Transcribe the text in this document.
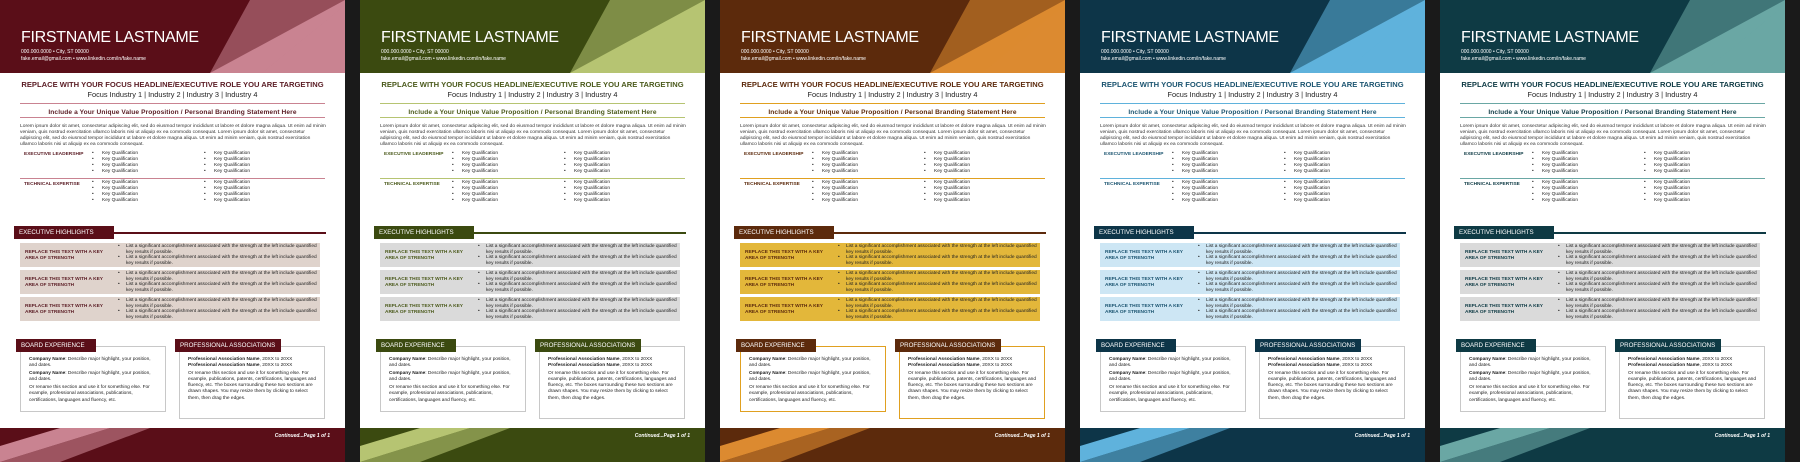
FIRSTNAME LASTNAME
000.000.0000 • City, ST 00000
fake.email@gmail.com • www.linkedin.com/in/fake.name
REPLACE WITH YOUR FOCUS HEADLINE/EXECUTIVE ROLE YOU ARE TARGETING
Focus Industry 1 | Industry 2 | Industry 3 | Industry 4
Include a Your Unique Value Proposition / Personal Branding Statement Here
Lorem ipsum dolor sit amet, consectetur adipiscing elit, sed do eiusmod tempor incididunt ut labore et dolore magna aliqua. Ut enim ad minim veniam, quis nostrud exercitation ullamco laboris nisi ut aliquip ex ea commodo consequat. Lorem ipsum dolor sit amet, consectetur adipiscing elit, sed do eiusmod tempor incididunt ut labore et dolore magna aliqua. Ut enim ad minim veniam, quis nostrud exercitation ullamco laboris nisi ut aliquip ex ea commodo consequat.
EXECUTIVE LEADERSHIP	• Key Qualification
• Key Qualification
• Key Qualification
• Key Qualification
• Key Qualification
• Key Qualification
• Key Qualification
• Key Qualification
TECHNICAL EXPERTISE	• Key Qualification
• Key Qualification
• Key Qualification
• Key Qualification
• Key Qualification
• Key Qualification
• Key Qualification
• Key Qualification
EXECUTIVE HIGHLIGHTS
REPLACE THIS TEXT WITH A KEY AREA OF STRENGTH
• List a significant accomplishment associated with the strength at the left include quantified key results if possible.
• List a significant accomplishment associated with the strength at the left include quantified key results if possible.
REPLACE THIS TEXT WITH A KEY AREA OF STRENGTH
• List a significant accomplishment associated with the strength at the left include quantified key results if possible.
• List a significant accomplishment associated with the strength at the left include quantified key results if possible.
REPLACE THIS TEXT WITH A KEY AREA OF STRENGTH
• List a significant accomplishment associated with the strength at the left include quantified key results if possible.
• List a significant accomplishment associated with the strength at the left include quantified key results if possible.
Company Name: Describe major highlight, your position, and dates.
Company Name: Describe major highlight, your position, and dates.
Or rename this section and use it for something else. For example, professional associations, publications, certifications, languages and fluency, etc.
BOARD EXPERIENCE
Professional Association Name, 20XX to 20XX
Professional Association Name, 20XX to 20XX
Or rename this section and use it for something else. For example, publications, patents, certifications, languages and fluency, etc. The boxes surrounding these two sections are drawn shapes. You may resize them by clicking to select them, then drag the edges.
PROFESSIONAL ASSOCIATIONS
Continued...Page 1 of 1
FIRSTNAME LASTNAME
000.000.0000 • City, ST 00000
fake.email@gmail.com • www.linkedin.com/in/fake.name
REPLACE WITH YOUR FOCUS HEADLINE/EXECUTIVE ROLE YOU ARE TARGETING
Focus Industry 1 | Industry 2 | Industry 3 | Industry 4
Include a Your Unique Value Proposition / Personal Branding Statement Here
Lorem ipsum dolor sit amet, consectetur adipiscing elit, sed do eiusmod tempor incididunt ut labore et dolore magna aliqua. Ut enim ad minim veniam, quis nostrud exercitation ullamco laboris nisi ut aliquip ex ea commodo consequat. Lorem ipsum dolor sit amet, consectetur adipiscing elit, sed do eiusmod tempor incididunt ut labore et dolore magna aliqua. Ut enim ad minim veniam, quis nostrud exercitation ullamco laboris nisi ut aliquip ex ea commodo consequat.
EXECUTIVE LEADERSHIP	• Key Qualification
• Key Qualification
• Key Qualification
• Key Qualification
• Key Qualification
• Key Qualification
• Key Qualification
• Key Qualification
TECHNICAL EXPERTISE	• Key Qualification
• Key Qualification
• Key Qualification
• Key Qualification
• Key Qualification
• Key Qualification
• Key Qualification
• Key Qualification
EXECUTIVE HIGHLIGHTS
REPLACE THIS TEXT WITH A KEY AREA OF STRENGTH
• List a significant accomplishment associated with the strength at the left include quantified key results if possible.
• List a significant accomplishment associated with the strength at the left include quantified key results if possible.
REPLACE THIS TEXT WITH A KEY AREA OF STRENGTH
• List a significant accomplishment associated with the strength at the left include quantified key results if possible.
• List a significant accomplishment associated with the strength at the left include quantified key results if possible.
REPLACE THIS TEXT WITH A KEY AREA OF STRENGTH
• List a significant accomplishment associated with the strength at the left include quantified key results if possible.
• List a significant accomplishment associated with the strength at the left include quantified key results if possible.
Company Name: Describe major highlight, your position, and dates.
Company Name: Describe major highlight, your position, and dates.
Or rename this section and use it for something else. For example, professional associations, publications, certifications, languages and fluency, etc.
BOARD EXPERIENCE
Professional Association Name, 20XX to 20XX
Professional Association Name, 20XX to 20XX
Or rename this section and use it for something else. For example, publications, patents, certifications, languages and fluency, etc. The boxes surrounding these two sections are drawn shapes. You may resize them by clicking to select them, then drag the edges.
PROFESSIONAL ASSOCIATIONS
Continued...Page 1 of 1
FIRSTNAME LASTNAME
000.000.0000 • City, ST 00000
fake.email@gmail.com • www.linkedin.com/in/fake.name
REPLACE WITH YOUR FOCUS HEADLINE/EXECUTIVE ROLE YOU ARE TARGETING
Focus Industry 1 | Industry 2 | Industry 3 | Industry 4
Include a Your Unique Value Proposition / Personal Branding Statement Here
Lorem ipsum dolor sit amet, consectetur adipiscing elit, sed do eiusmod tempor incididunt ut labore et dolore magna aliqua. Ut enim ad minim veniam, quis nostrud exercitation ullamco laboris nisi ut aliquip ex ea commodo consequat. Lorem ipsum dolor sit amet, consectetur adipiscing elit, sed do eiusmod tempor incididunt ut labore et dolore magna aliqua. Ut enim ad minim veniam, quis nostrud exercitation ullamco laboris nisi ut aliquip ex ea commodo consequat.
EXECUTIVE LEADERSHIP	• Key Qualification
• Key Qualification
• Key Qualification
• Key Qualification
• Key Qualification
• Key Qualification
• Key Qualification
• Key Qualification
TECHNICAL EXPERTISE	• Key Qualification
• Key Qualification
• Key Qualification
• Key Qualification
• Key Qualification
• Key Qualification
• Key Qualification
• Key Qualification
EXECUTIVE HIGHLIGHTS
REPLACE THIS TEXT WITH A KEY AREA OF STRENGTH
• List a significant accomplishment associated with the strength at the left include quantified key results if possible.
• List a significant accomplishment associated with the strength at the left include quantified key results if possible.
REPLACE THIS TEXT WITH A KEY AREA OF STRENGTH
• List a significant accomplishment associated with the strength at the left include quantified key results if possible.
• List a significant accomplishment associated with the strength at the left include quantified key results if possible.
REPLACE THIS TEXT WITH A KEY AREA OF STRENGTH
• List a significant accomplishment associated with the strength at the left include quantified key results if possible.
• List a significant accomplishment associated with the strength at the left include quantified key results if possible.
Company Name: Describe major highlight, your position, and dates.
Company Name: Describe major highlight, your position, and dates.
Or rename this section and use it for something else. For example, professional associations, publications, certifications, languages and fluency, etc.
BOARD EXPERIENCE
Professional Association Name, 20XX to 20XX
Professional Association Name, 20XX to 20XX
Or rename this section and use it for something else. For example, publications, patents, certifications, languages and fluency, etc. The boxes surrounding these two sections are drawn shapes. You may resize them by clicking to select them, then drag the edges.
PROFESSIONAL ASSOCIATIONS
Continued...Page 1 of 1
FIRSTNAME LASTNAME
000.000.0000 • City, ST 00000
fake.email@gmail.com • www.linkedin.com/in/fake.name
REPLACE WITH YOUR FOCUS HEADLINE/EXECUTIVE ROLE YOU ARE TARGETING
Focus Industry 1 | Industry 2 | Industry 3 | Industry 4
Include a Your Unique Value Proposition / Personal Branding Statement Here
Lorem ipsum dolor sit amet, consectetur adipiscing elit, sed do eiusmod tempor incididunt ut labore et dolore magna aliqua. Ut enim ad minim veniam, quis nostrud exercitation ullamco laboris nisi ut aliquip ex ea commodo consequat. Lorem ipsum dolor sit amet, consectetur adipiscing elit, sed do eiusmod tempor incididunt ut labore et dolore magna aliqua. Ut enim ad minim veniam, quis nostrud exercitation ullamco laboris nisi ut aliquip ex ea commodo consequat.
EXECUTIVE LEADERSHIP	• Key Qualification
• Key Qualification
• Key Qualification
• Key Qualification
• Key Qualification
• Key Qualification
• Key Qualification
• Key Qualification
TECHNICAL EXPERTISE	• Key Qualification
• Key Qualification
• Key Qualification
• Key Qualification
• Key Qualification
• Key Qualification
• Key Qualification
• Key Qualification
EXECUTIVE HIGHLIGHTS
REPLACE THIS TEXT WITH A KEY AREA OF STRENGTH
• List a significant accomplishment associated with the strength at the left include quantified key results if possible.
• List a significant accomplishment associated with the strength at the left include quantified key results if possible.
REPLACE THIS TEXT WITH A KEY AREA OF STRENGTH
• List a significant accomplishment associated with the strength at the left include quantified key results if possible.
• List a significant accomplishment associated with the strength at the left include quantified key results if possible.
REPLACE THIS TEXT WITH A KEY AREA OF STRENGTH
• List a significant accomplishment associated with the strength at the left include quantified key results if possible.
• List a significant accomplishment associated with the strength at the left include quantified key results if possible.
Company Name: Describe major highlight, your position, and dates.
Company Name: Describe major highlight, your position, and dates.
Or rename this section and use it for something else. For example, professional associations, publications, certifications, languages and fluency, etc.
BOARD EXPERIENCE
Professional Association Name, 20XX to 20XX
Professional Association Name, 20XX to 20XX
Or rename this section and use it for something else. For example, publications, patents, certifications, languages and fluency, etc. The boxes surrounding these two sections are drawn shapes. You may resize them by clicking to select them, then drag the edges.
PROFESSIONAL ASSOCIATIONS
Continued...Page 1 of 1
FIRSTNAME LASTNAME
000.000.0000 • City, ST 00000
fake.email@gmail.com • www.linkedin.com/in/fake.name
REPLACE WITH YOUR FOCUS HEADLINE/EXECUTIVE ROLE YOU ARE TARGETING
Focus Industry 1 | Industry 2 | Industry 3 | Industry 4
Include a Your Unique Value Proposition / Personal Branding Statement Here
Lorem ipsum dolor sit amet, consectetur adipiscing elit, sed do eiusmod tempor incididunt ut labore et dolore magna aliqua. Ut enim ad minim veniam, quis nostrud exercitation ullamco laboris nisi ut aliquip ex ea commodo consequat. Lorem ipsum dolor sit amet, consectetur adipiscing elit, sed do eiusmod tempor incididunt ut labore et dolore magna aliqua. Ut enim ad minim veniam, quis nostrud exercitation ullamco laboris nisi ut aliquip ex ea commodo consequat.
EXECUTIVE LEADERSHIP	• Key Qualification
• Key Qualification
• Key Qualification
• Key Qualification
• Key Qualification
• Key Qualification
• Key Qualification
• Key Qualification
TECHNICAL EXPERTISE	• Key Qualification
• Key Qualification
• Key Qualification
• Key Qualification
• Key Qualification
• Key Qualification
• Key Qualification
• Key Qualification
EXECUTIVE HIGHLIGHTS
REPLACE THIS TEXT WITH A KEY AREA OF STRENGTH
• List a significant accomplishment associated with the strength at the left include quantified key results if possible.
• List a significant accomplishment associated with the strength at the left include quantified key results if possible.
REPLACE THIS TEXT WITH A KEY AREA OF STRENGTH
• List a significant accomplishment associated with the strength at the left include quantified key results if possible.
• List a significant accomplishment associated with the strength at the left include quantified key results if possible.
REPLACE THIS TEXT WITH A KEY AREA OF STRENGTH
• List a significant accomplishment associated with the strength at the left include quantified key results if possible.
• List a significant accomplishment associated with the strength at the left include quantified key results if possible.
Company Name: Describe major highlight, your position, and dates.
Company Name: Describe major highlight, your position, and dates.
Or rename this section and use it for something else. For example, professional associations, publications, certifications, languages and fluency, etc.
BOARD EXPERIENCE
Professional Association Name, 20XX to 20XX
Professional Association Name, 20XX to 20XX
Or rename this section and use it for something else. For example, publications, patents, certifications, languages and fluency, etc. The boxes surrounding these two sections are drawn shapes. You may resize them by clicking to select them, then drag the edges.
PROFESSIONAL ASSOCIATIONS
Continued...Page 1 of 1
